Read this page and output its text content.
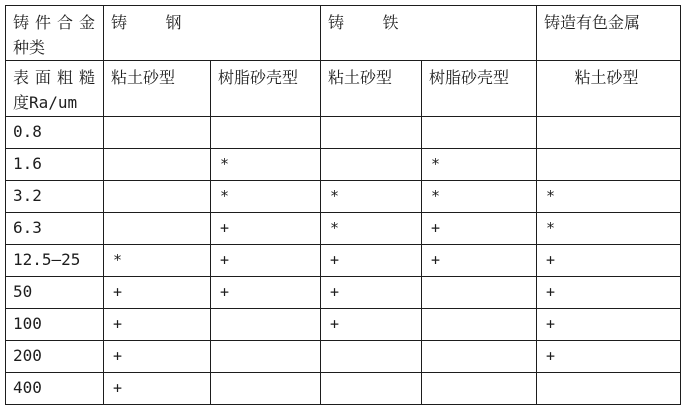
铸件合金
种类	铸    钢		铸    铁		铸造有色金属

表面粗糙
度Ra/um	粘土砂型	树脂砂壳型	粘土砂型	树脂砂壳型	粘土砂型
0.8					
1.6		*		*	
3.2		*	*	*	*
6.3		+	*	+	*
12.5—25	*	+	+	+	+
50	+	+	+		+
100	+		+		+
200	+				+
400	+				
